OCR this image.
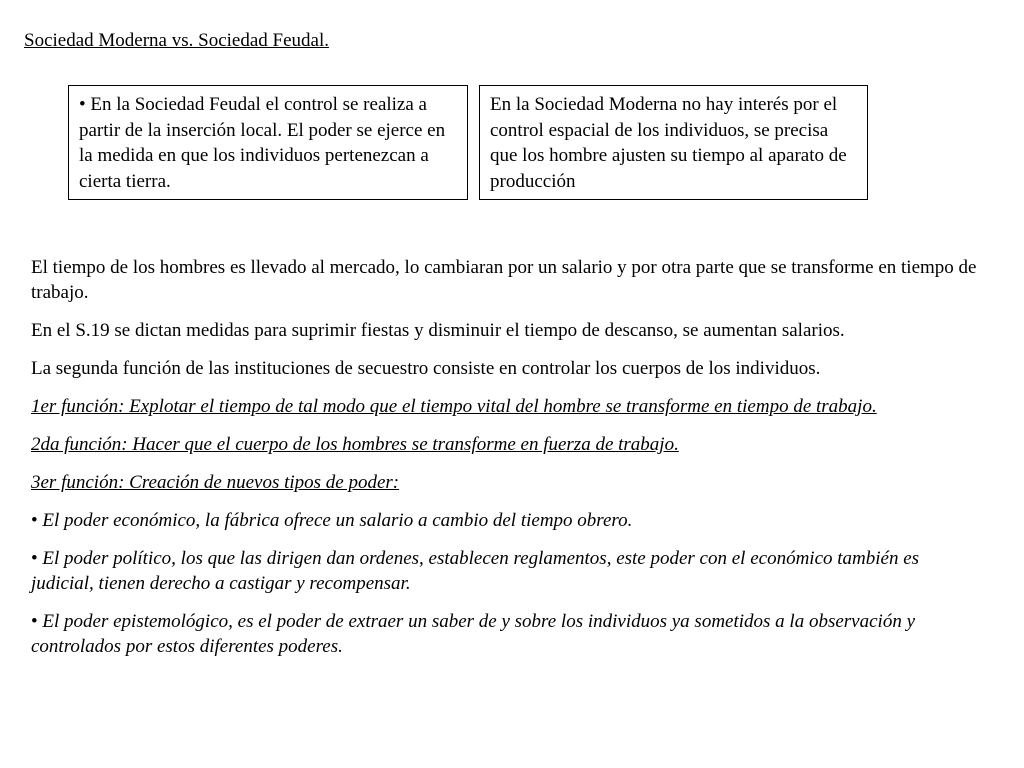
Sociedad Moderna vs. Sociedad Feudal.
• En la Sociedad Feudal el control se realiza a partir de la inserción local. El poder se ejerce en la medida en que los individuos pertenezcan a cierta tierra.
En la Sociedad Moderna no hay interés por el control espacial de los individuos, se precisa que los hombre ajusten su tiempo al aparato de producción

El tiempo de los hombres es llevado al mercado, lo cambiaran por un salario y por otra parte que se transforme en tiempo de trabajo.

En el S.19 se dictan medidas para suprimir fiestas y disminuir el tiempo de descanso, se aumentan salarios.

La segunda función de las instituciones de secuestro consiste en controlar los cuerpos de los individuos.

1er función: Explotar el tiempo de tal modo que el tiempo vital del hombre se transforme en tiempo de trabajo.

2da función: Hacer que el cuerpo de los hombres se transforme en fuerza de trabajo.

3er función: Creación de nuevos tipos de poder:

• El poder económico, la fábrica ofrece un salario a cambio del tiempo obrero.

• El poder político, los que las dirigen dan ordenes, establecen reglamentos, este poder con el económico también es judicial, tienen derecho a castigar y recompensar.

• El poder epistemológico, es el poder de extraer un saber de y sobre los individuos ya sometidos a la observación y controlados por estos diferentes poderes.
